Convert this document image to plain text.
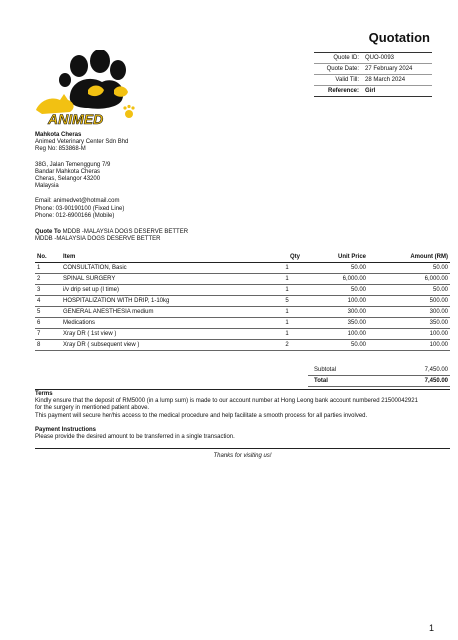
Quotation
Quote ID:	QUO-0093
Quote Date:	27 February 2024
Valid Till:	28 March 2024
Reference:	Girl
ANIMED
Mahkota Cheras
Animed Veterinary Center Sdn Bhd
Reg No: 853868-M
38G, Jalan Temenggung 7/9
Bandar Mahkota Cheras
Cheras, Selangor 43200
Malaysia
Email: animedvet@hotmail.com
Phone: 03-90190100 (Fixed Line)
Phone: 012-6900166 (Mobile)
Quote To MDDB -MALAYSIA DOGS DESERVE BETTER
MDDB -MALAYSIA DOGS DESERVE BETTER
No.	Item	Qty	Unit Price	Amount (RM)
1	CONSULTATION, Basic	1	50.00	50.00
2	SPINAL SURGERY	1	6,000.00	6,000.00
3	i/v drip set up (I time)	1	50.00	50.00
4	HOSPITALIZATION WITH DRIP, 1-10kg	5	100.00	500.00
5	GENERAL ANESTHESIA medium	1	300.00	300.00
6	Medications	1	350.00	350.00
7	Xray DR ( 1st view )	1	100.00	100.00
8	Xray DR ( subsequent view )	2	50.00	100.00
Subtotal	7,450.00
Total	7,450.00
Terms
Kindly ensure that the deposit of RM5000 (in a lump sum) is made to our account number at Hong Leong bank account numbered 21500042921
for the surgery in mentioned patient above.
This payment will secure her/his access to the medical procedure and help facilitate a smooth process for all parties involved.
Payment Instructions
Please provide the desired amount to be transferred in a single transaction.
Thanks for visiting us!
1
